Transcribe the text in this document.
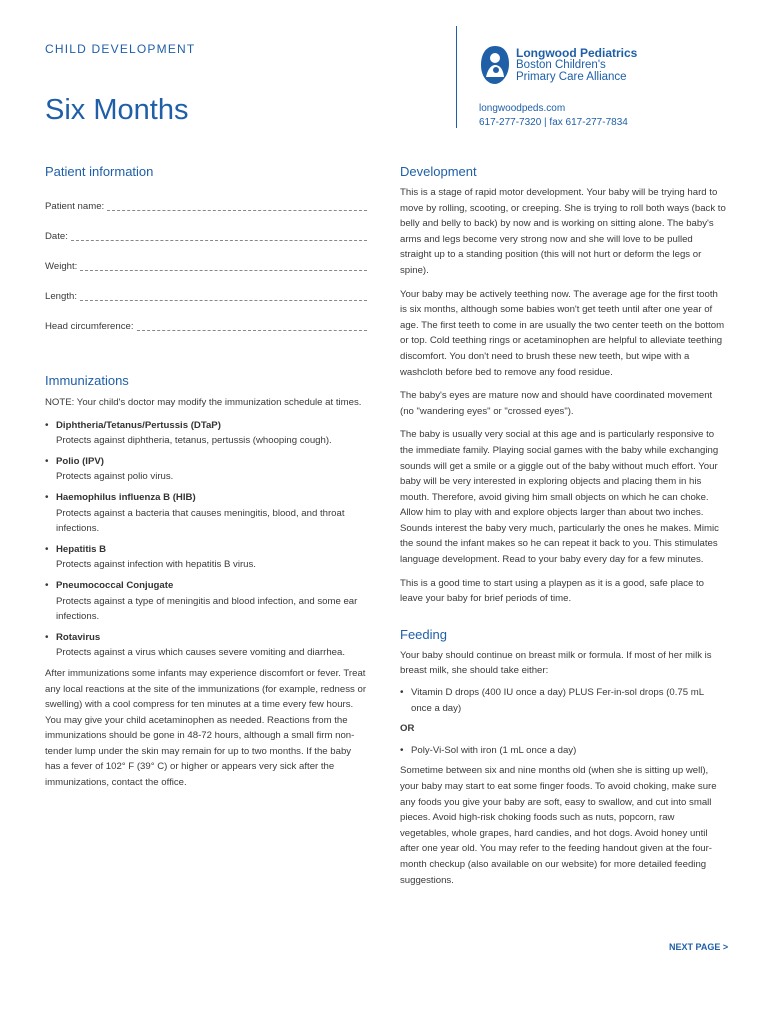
CHILD DEVELOPMENT
Six Months
Longwood Pediatrics
Boston Children's
Primary Care Alliance
longwoodpeds.com
617-277-7320 | fax 617-277-7834
Patient information
Patient name:
Date:
Weight:
Length:
Head circumference:
Immunizations

NOTE: Your child's doctor may modify the immunization schedule at times.

• Diphtheria/Tetanus/Pertussis (DTaP)
Protects against diphtheria, tetanus, pertussis (whooping cough).
• Polio (IPV)
Protects against polio virus.
• Haemophilus influenza B (HIB)
Protects against a bacteria that causes meningitis, blood, and throat infections.
• Hepatitis B
Protects against infection with hepatitis B virus.
• Pneumococcal Conjugate
Protects against a type of meningitis and blood infection, and some ear infections.
• Rotavirus
Protects against a virus which causes severe vomiting and diarrhea.

After immunizations some infants may experience discomfort or fever. Treat any local reactions at the site of the immunizations (for example, redness or swelling) with a cool compress for ten minutes at a time every few hours. You may give your child acetaminophen as needed. Reactions from the immunizations should be gone in 48-72 hours, although a small firm non-tender lump under the skin may remain for up to two months. If the baby has a fever of 102° F (39° C) or higher or appears very sick after the immunizations, contact the office.

Development

This is a stage of rapid motor development. Your baby will be trying hard to move by rolling, scooting, or creeping. She is trying to roll both ways (back to belly and belly to back) by now and is working on sitting alone. The baby's arms and legs become very strong now and she will love to be pulled straight up to a standing position (this will not hurt or deform the legs or spine).

Your baby may be actively teething now. The average age for the first tooth is six months, although some babies won't get teeth until after one year of age. The first teeth to come in are usually the two center teeth on the bottom or top. Cold teething rings or acetaminophen are helpful to alleviate teething discomfort. You don't need to brush these new teeth, but wipe with a washcloth before bed to remove any food residue.

The baby's eyes are mature now and should have coordinated movement (no "wandering eyes" or "crossed eyes").

The baby is usually very social at this age and is particularly responsive to the immediate family. Playing social games with the baby while exchanging sounds will get a smile or a giggle out of the baby without much effort. Your baby will be very interested in exploring objects and placing them in his mouth. Therefore, avoid giving him small objects on which he can choke. Allow him to play with and explore objects larger than about two inches. Sounds interest the baby very much, particularly the ones he makes. Mimic the sound the infant makes so he can repeat it back to you. This stimulates language development. Read to your baby every day for a few minutes.

This is a good time to start using a playpen as it is a good, safe place to leave your baby for brief periods of time.

Feeding

Your baby should continue on breast milk or formula. If most of her milk is breast milk, she should take either:

• Vitamin D drops (400 IU once a day) PLUS Fer-in-sol drops (0.75 mL once a day)
OR
• Poly-Vi-Sol with iron (1 mL once a day)

Sometime between six and nine months old (when she is sitting up well), your baby may start to eat some finger foods. To avoid choking, make sure any foods you give your baby are soft, easy to swallow, and cut into small pieces. Avoid high-risk choking foods such as nuts, popcorn, raw vegetables, whole grapes, hard candies, and hot dogs. Avoid honey until after one year old. You may refer to the feeding handout given at the four-month checkup (also available on our website) for more detailed feeding suggestions.

NEXT PAGE >
